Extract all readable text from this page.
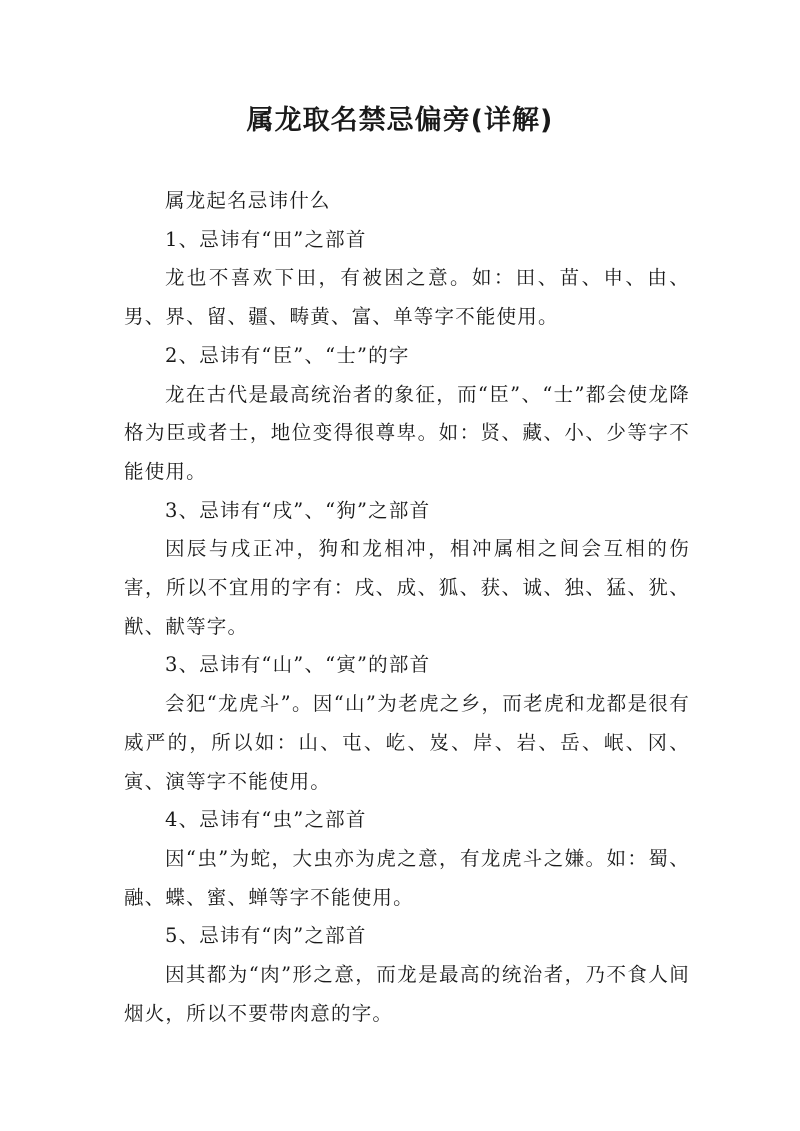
属龙取名禁忌偏旁(详解)

属龙起名忌讳什么

1、忌讳有“田”之部首

龙也不喜欢下田，有被困之意。如：田、苗、申、由、男、界、留、疆、畴黄、富、单等字不能使用。

2、忌讳有“臣”、“士”的字

龙在古代是最高统治者的象征，而“臣”、“士”都会使龙降格为臣或者士，地位变得很尊卑。如：贤、藏、小、少等字不能使用。

3、忌讳有“戌”、“狗”之部首

因辰与戌正冲，狗和龙相冲，相冲属相之间会互相的伤害，所以不宜用的字有：戌、成、狐、获、诚、独、猛、犹、猷、献等字。

3、忌讳有“山”、“寅”的部首

会犯“龙虎斗”。因“山”为老虎之乡，而老虎和龙都是很有威严的，所以如：山、屯、屹、岌、岸、岩、岳、岷、冈、寅、演等字不能使用。

4、忌讳有“虫”之部首

因“虫”为蛇，大虫亦为虎之意，有龙虎斗之嫌。如：蜀、融、蝶、蜜、蝉等字不能使用。

5、忌讳有“肉”之部首

因其都为“肉”形之意，而龙是最高的统治者，乃不食人间烟火，所以不要带肉意的字。
